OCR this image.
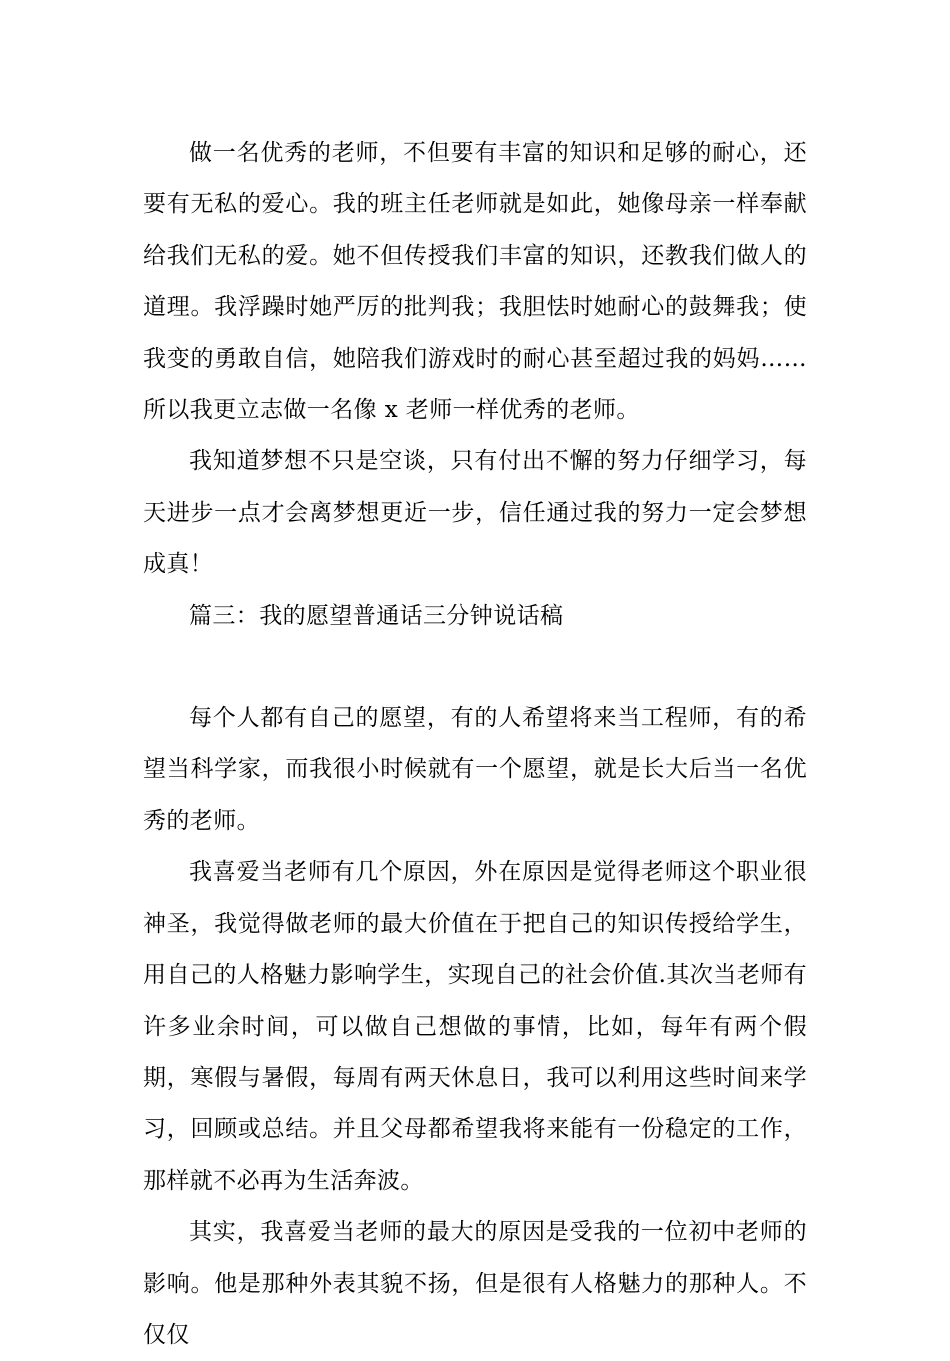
做一名优秀的老师，不但要有丰富的知识和足够的耐心，还要有无私的爱心。我的班主任老师就是如此，她像母亲一样奉献给我们无私的爱。她不但传授我们丰富的知识，还教我们做人的道理。我浮躁时她严厉的批判我；我胆怯时她耐心的鼓舞我；使我变的勇敢自信，她陪我们游戏时的耐心甚至超过我的妈妈……所以我更立志做一名像 x 老师一样优秀的老师。

我知道梦想不只是空谈，只有付出不懈的努力仔细学习，每天进步一点才会离梦想更近一步，信任通过我的努力一定会梦想成真！

篇三：我的愿望普通话三分钟说话稿

每个人都有自己的愿望，有的人希望将来当工程师，有的希望当科学家，而我很小时候就有一个愿望，就是长大后当一名优秀的老师。

我喜爱当老师有几个原因，外在原因是觉得老师这个职业很神圣，我觉得做老师的最大价值在于把自己的知识传授给学生，用自己的人格魅力影响学生，实现自己的社会价值.其次当老师有许多业余时间，可以做自己想做的事情，比如，每年有两个假期，寒假与暑假，每周有两天休息日，我可以利用这些时间来学习，回顾或总结。并且父母都希望我将来能有一份稳定的工作，那样就不必再为生活奔波。

其实，我喜爱当老师的最大的原因是受我的一位初中老师的影响。他是那种外表其貌不扬，但是很有人格魅力的那种人。不仅仅
